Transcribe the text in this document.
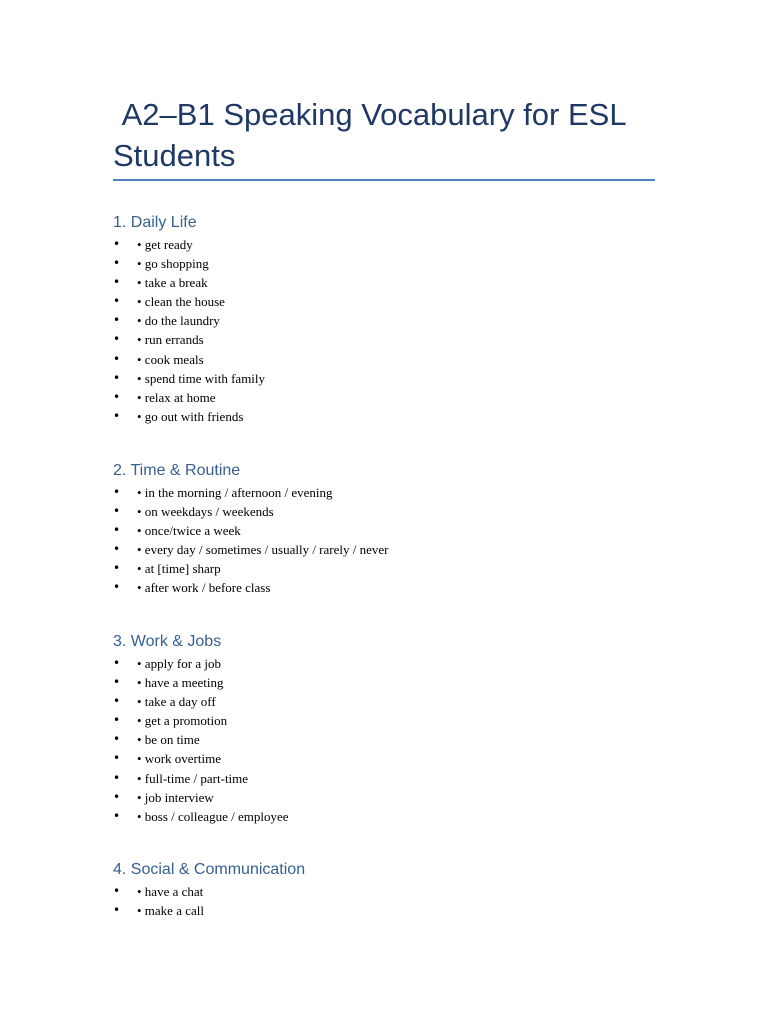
A2–B1 Speaking Vocabulary for ESL Students
1. Daily Life
• • get ready
• • go shopping
• • take a break
• • clean the house
• • do the laundry
• • run errands
• • cook meals
• • spend time with family
• • relax at home
• • go out with friends
2. Time & Routine
• • in the morning / afternoon / evening
• • on weekdays / weekends
• • once/twice a week
• • every day / sometimes / usually / rarely / never
• • at [time] sharp
• • after work / before class
3. Work & Jobs
• • apply for a job
• • have a meeting
• • take a day off
• • get a promotion
• • be on time
• • work overtime
• • full-time / part-time
• • job interview
• • boss / colleague / employee
4. Social & Communication
• • have a chat
• • make a call
